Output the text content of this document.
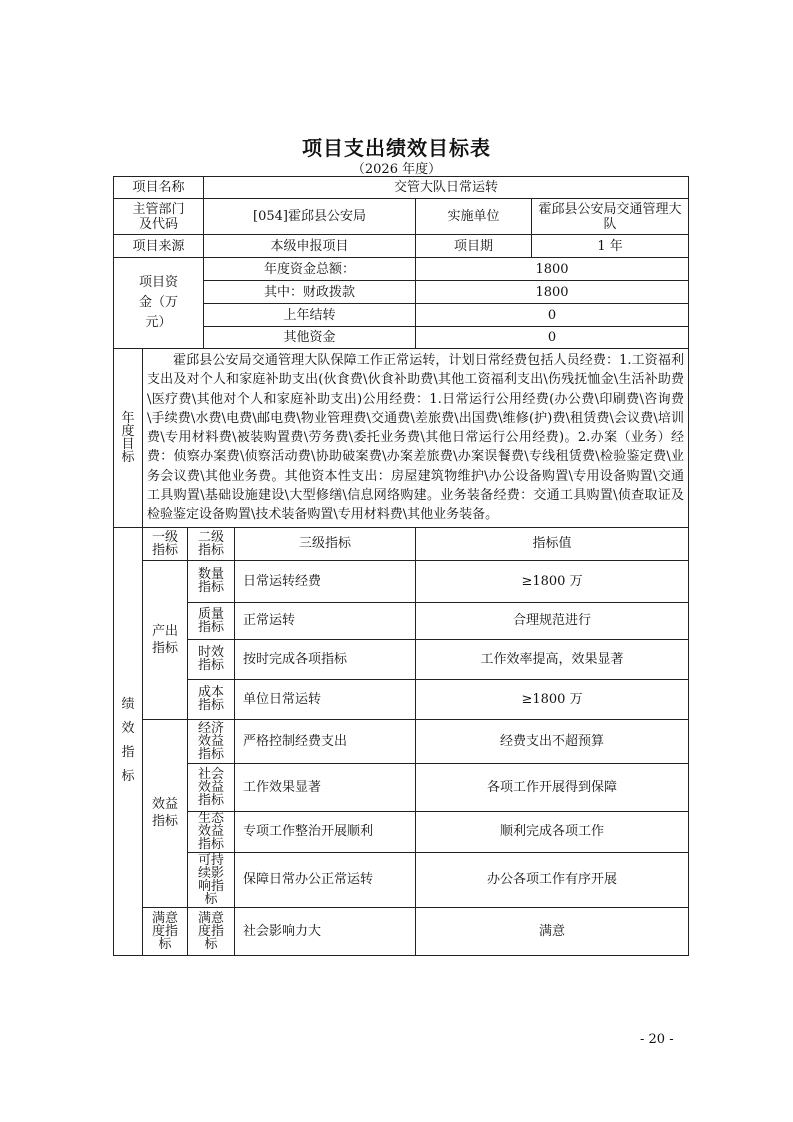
项目支出绩效目标表
（2026 年度）
项目名称			交管大队日常运转			
主管部门及代码			[054]霍邱县公安局		实施单位	霍邱县公安局交通管理大队
项目来源			本级申报项目		项目期	1 年
项目资金（万元）			年度资金总额：		1800	
			其中：财政拨款		1800	
			上年结转		0	
			其他资金		0	
年度目标	霍邱县公安局交通管理大队保障工作正常运转，计划日常经费包括人员经费：1.工资福利支出及对个人和家庭补助支出(伙食费\伙食补助费\其他工资福利支出\伤残抚恤金\生活补助费\医疗费\其他对个人和家庭补助支出)公用经费：1.日常运行公用经费(办公费\印刷费\咨询费\手续费\水费\电费\邮电费\物业管理费\交通费\差旅费\出国费\维修(护)费\租赁费\会议费\培训费\专用材料费\被装购置费\劳务费\委托业务费\其他日常运行公用经费)。2.办案（业务）经费：侦察办案费\侦察活动费\协助破案费\办案差旅费\办案误餐费\专线租赁费\检验鉴定费\业务会议费\其他业务费。其他资本性支出：房屋建筑物维护\办公设备购置\专用设备购置\交通工具购置\基础设施建设\大型修缮\信息网络购建。业务装备经费：交通工具购置\侦查取证及检验鉴定设备购置\技术装备购置\专用材料费\其他业务装备。					
绩效指标	一级指标	二级指标		三级指标	指标值	
	产出指标	数量指标		日常运转经费	≥1800 万	
		质量指标		正常运转	合理规范进行	
		时效指标		按时完成各项指标	工作效率提高，效果显著	
		成本指标		单位日常运转	≥1800 万	
	效益指标	经济效益指标		严格控制经费支出	经费支出不超预算	
		社会效益指标		工作效果显著	各项工作开展得到保障	
		生态效益指标		专项工作整治开展顺利	顺利完成各项工作	
		可持续影响指标		保障日常办公正常运转	办公各项工作有序开展	
	满意度指标	满意度指标		社会影响力大	满意	
- 20 -
